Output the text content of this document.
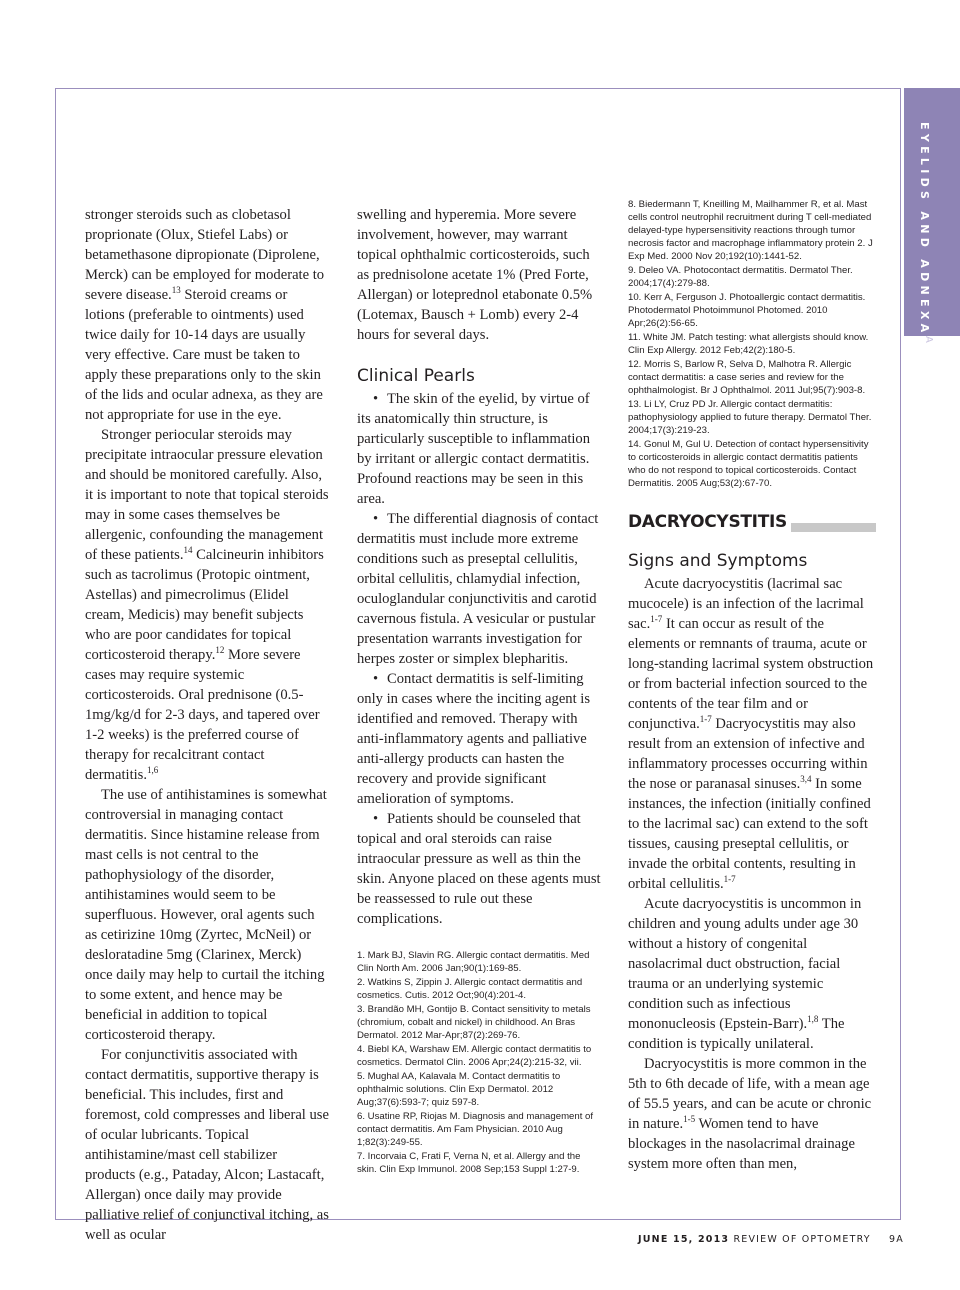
EYELIDS AND ADNEXA
A

stronger steroids such as clobetasol proprionate (Olux, Stiefel Labs) or betamethasone dipropionate (Diprolene, Merck) can be employed for moderate to severe disease.$^{13}$ Steroid creams or lotions (preferable to ointments) used twice daily for 10-14 days are usually very effective. Care must be taken to apply these preparations only to the skin of the lids and ocular adnexa, as they are not appropriate for use in the eye.

Stronger periocular steroids may precipitate intraocular pressure elevation and should be monitored carefully. Also, it is important to note that topical steroids may in some cases themselves be allergenic, confounding the management of these patients.$^{14}$ Calcineurin inhibitors such as tacrolimus (Protopic ointment, Astellas) and pimecrolimus (Elidel cream, Medicis) may benefit subjects who are poor candidates for topical corticosteroid therapy.$^{12}$ More severe cases may require systemic corticosteroids. Oral prednisone (0.5-1mg/kg/d for 2-3 days, and tapered over 1-2 weeks) is the preferred course of therapy for recalcitrant contact dermatitis.$^{1,6}$

The use of antihistamines is somewhat controversial in managing contact dermatitis. Since histamine release from mast cells is not central to the pathophysiology of the disorder, antihistamines would seem to be superfluous. However, oral agents such as cetirizine 10mg (Zyrtec, McNeil) or desloratadine 5mg (Clarinex, Merck) once daily may help to curtail the itching to some extent, and hence may be beneficial in addition to topical corticosteroid therapy.

For conjunctivitis associated with contact dermatitis, supportive therapy is beneficial. This includes, first and foremost, cold compresses and liberal use of ocular lubricants. Topical antihistamine/mast cell stabilizer products (e.g., Pataday, Alcon; Lastacaft, Allergan) once daily may provide palliative relief of conjunctival itching, as well as ocular

swelling and hyperemia. More severe involvement, however, may warrant topical ophthalmic corticosteroids, such as prednisolone acetate 1% (Pred Forte, Allergan) or loteprednol etabonate 0.5% (Lotemax, Bausch + Lomb) every 2-4 hours for several days.

Clinical Pearls

• The skin of the eyelid, by virtue of its anatomically thin structure, is particularly susceptible to inflammation by irritant or allergic contact dermatitis. Profound reactions may be seen in this area.

• The differential diagnosis of contact dermatitis must include more extreme conditions such as preseptal cellulitis, orbital cellulitis, chlamydial infection, oculoglandular conjunctivitis and carotid cavernous fistula. A vesicular or pustular presentation warrants investigation for herpes zoster or simplex blepharitis.

• Contact dermatitis is self-limiting only in cases where the inciting agent is identified and removed. Therapy with anti-inflammatory agents and palliative anti-allergy products can hasten the recovery and provide significant amelioration of symptoms.

• Patients should be counseled that topical and oral steroids can raise intraocular pressure as well as thin the skin. Anyone placed on these agents must be reassessed to rule out these complications.

1. Mark BJ, Slavin RG. Allergic contact dermatitis. Med Clin North Am. 2006 Jan;90(1):169-85.
2. Watkins S, Zippin J. Allergic contact dermatitis and cosmetics. Cutis. 2012 Oct;90(4):201-4.
3. Brandão MH, Gontijo B. Contact sensitivity to metals (chromium, cobalt and nickel) in childhood. An Bras Dermatol. 2012 Mar-Apr;87(2):269-76.
4. Biebl KA, Warshaw EM. Allergic contact dermatitis to cosmetics. Dermatol Clin. 2006 Apr;24(2):215-32, vii.
5. Mughal AA, Kalavala M. Contact dermatitis to ophthalmic solutions. Clin Exp Dermatol. 2012 Aug;37(6):593-7; quiz 597-8.
6. Usatine RP, Riojas M. Diagnosis and management of contact dermatitis. Am Fam Physician. 2010 Aug 1;82(3):249-55.
7. Incorvaia C, Frati F, Verna N, et al. Allergy and the skin. Clin Exp Immunol. 2008 Sep;153 Suppl 1:27-9.
8. Biedermann T, Kneilling M, Mailhammer R, et al. Mast cells control neutrophil recruitment during T cell-mediated delayed-type hypersensitivity reactions through tumor necrosis factor and macrophage inflammatory protein 2. J Exp Med. 2000 Nov 20;192(10):1441-52.
9. Deleo VA. Photocontact dermatitis. Dermatol Ther. 2004;17(4):279-88.
10. Kerr A, Ferguson J. Photoallergic contact dermatitis. Photodermatol Photoimmunol Photomed. 2010 Apr;26(2):56-65.
11. White JM. Patch testing: what allergists should know. Clin Exp Allergy. 2012 Feb;42(2):180-5.
12. Morris S, Barlow R, Selva D, Malhotra R. Allergic contact dermatitis: a case series and review for the ophthalmologist. Br J Ophthalmol. 2011 Jul;95(7):903-8.
13. Li LY, Cruz PD Jr. Allergic contact dermatitis: pathophysiology applied to future therapy. Dermatol Ther. 2004;17(3):219-23.
14. Gonul M, Gul U. Detection of contact hypersensitivity to corticosteroids in allergic contact dermatitis patients who do not respond to topical corticosteroids. Contact Dermatitis. 2005 Aug;53(2):67-70.
DACRYOCYSTITIS
Signs and Symptoms

Acute dacryocystitis (lacrimal sac mucocele) is an infection of the lacrimal sac.$^{1-7}$ It can occur as result of the elements or remnants of trauma, acute or long-standing lacrimal system obstruction or from bacterial infection sourced to the contents of the tear film and or conjunctiva.$^{1-7}$ Dacryocystitis may also result from an extension of infective and inflammatory processes occurring within the nose or paranasal sinuses.$^{3,4}$ In some instances, the infection (initially confined to the lacrimal sac) can extend to the soft tissues, causing preseptal cellulitis, or invade the orbital contents, resulting in orbital cellulitis.$^{1-7}$

Acute dacryocystitis is uncommon in children and young adults under age 30 without a history of congenital nasolacrimal duct obstruction, facial trauma or an underlying systemic condition such as infectious mononucleosis (Epstein-Barr).$^{1,8}$ The condition is typically unilateral.

Dacryocystitis is more common in the 5th to 6th decade of life, with a mean age of 55.5 years, and can be acute or chronic in nature.$^{1-5}$ Women tend to have blockages in the nasolacrimal drainage system more often than men,

JUNE 15, 2013 REVIEW OF OPTOMETRY 9A
